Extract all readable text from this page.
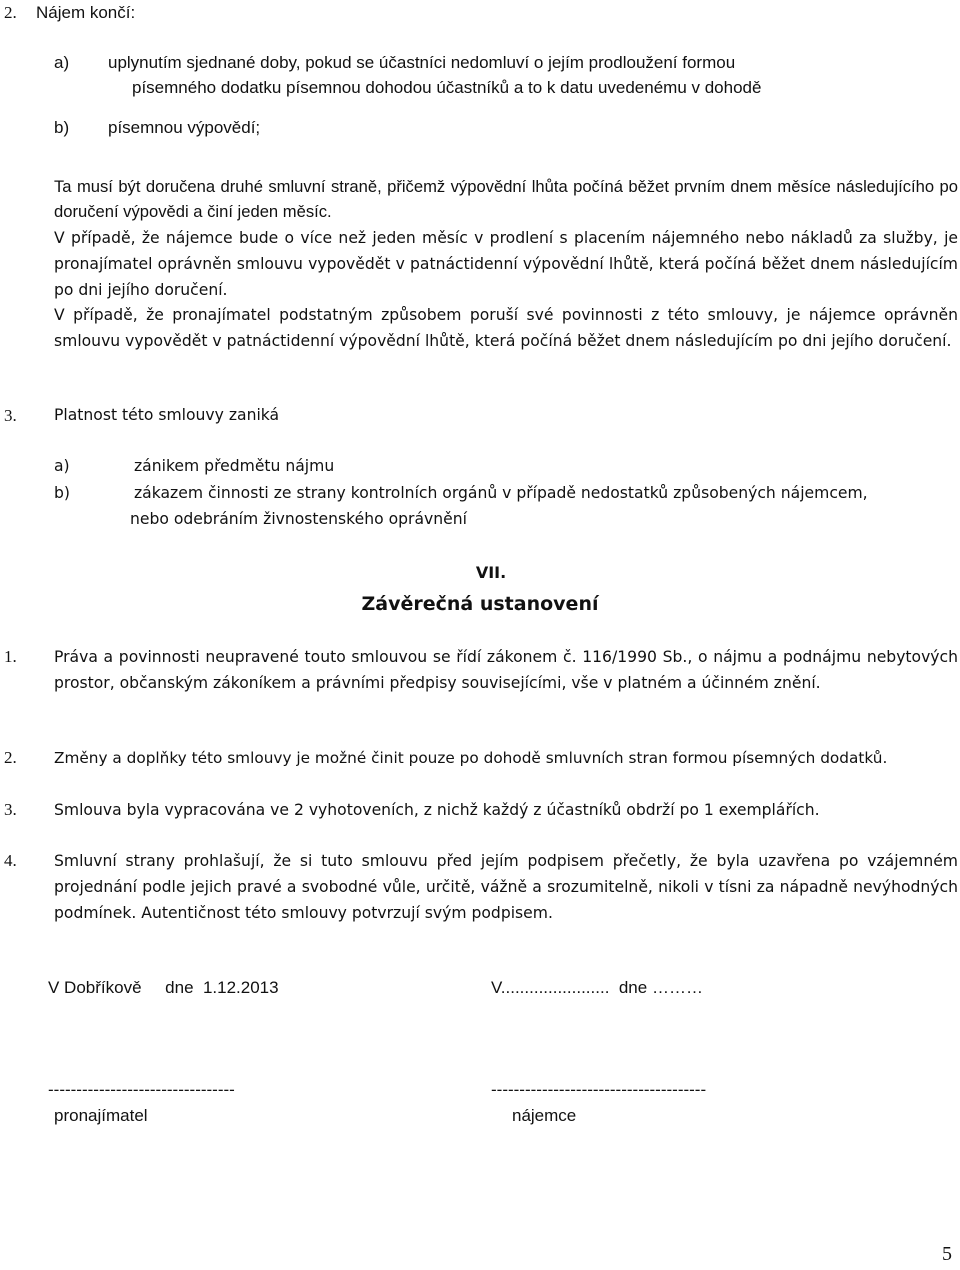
2. Nájem končí:
a) uplynutím sjednané doby, pokud se účastníci nedomluví o jejím prodloužení formou
písemného dodatku písemnou dohodou účastníků a to k datu uvedenému v dohodě
b) písemnou výpovědí;
Ta musí být doručena druhé smluvní straně, přičemž výpovědní lhůta počíná běžet prvním dnem měsíce následujícího po doručení výpovědi a činí jeden měsíc.
V případě, že nájemce bude o více než jeden měsíc v prodlení s placením nájemného nebo nákladů za služby, je pronajímatel oprávněn smlouvu vypovědět v patnáctidenní výpovědní lhůtě, která počíná běžet dnem následujícím po dni jejího doručení.
V případě, že pronajímatel podstatným způsobem poruší své povinnosti z této smlouvy, je nájemce oprávněn smlouvu vypovědět v patnáctidenní výpovědní lhůtě, která počíná běžet dnem následujícím po dni jejího doručení.
3. Platnost této smlouvy zaniká
a)	zánikem předmětu nájmu
b)	zákazem činnosti ze strany kontrolních orgánů v případě nedostatků způsobených nájemcem,
nebo odebráním živnostenského oprávnění
VII.
Závěrečná ustanovení
1. Práva a povinnosti neupravené touto smlouvou se řídí zákonem č. 116/1990 Sb., o nájmu a podnájmu nebytových prostor, občanským zákoníkem a právními předpisy souvisejícími, vše v platném a účinném znění.
2. Změny a doplňky této smlouvy je možné činit pouze po dohodě smluvních stran formou písemných dodatků.
3. Smlouva byla vypracována ve 2 vyhotoveních, z nichž každý z účastníků obdrží po 1 exemplářích.
4. Smluvní strany prohlašují, že si tuto smlouvu před jejím podpisem přečetly, že byla uzavřena po vzájemném projednání podle jejich pravé a svobodné vůle, určitě, vážně a srozumitelně, nikoli v tísni za nápadně nevýhodných podmínek. Autentičnost této smlouvy potvrzují svým podpisem.
V Dobříkově     dne  1.12.2013	V.......................  dne ………
---------------------------------	--------------------------------------
pronajímatel	nájemce
5
